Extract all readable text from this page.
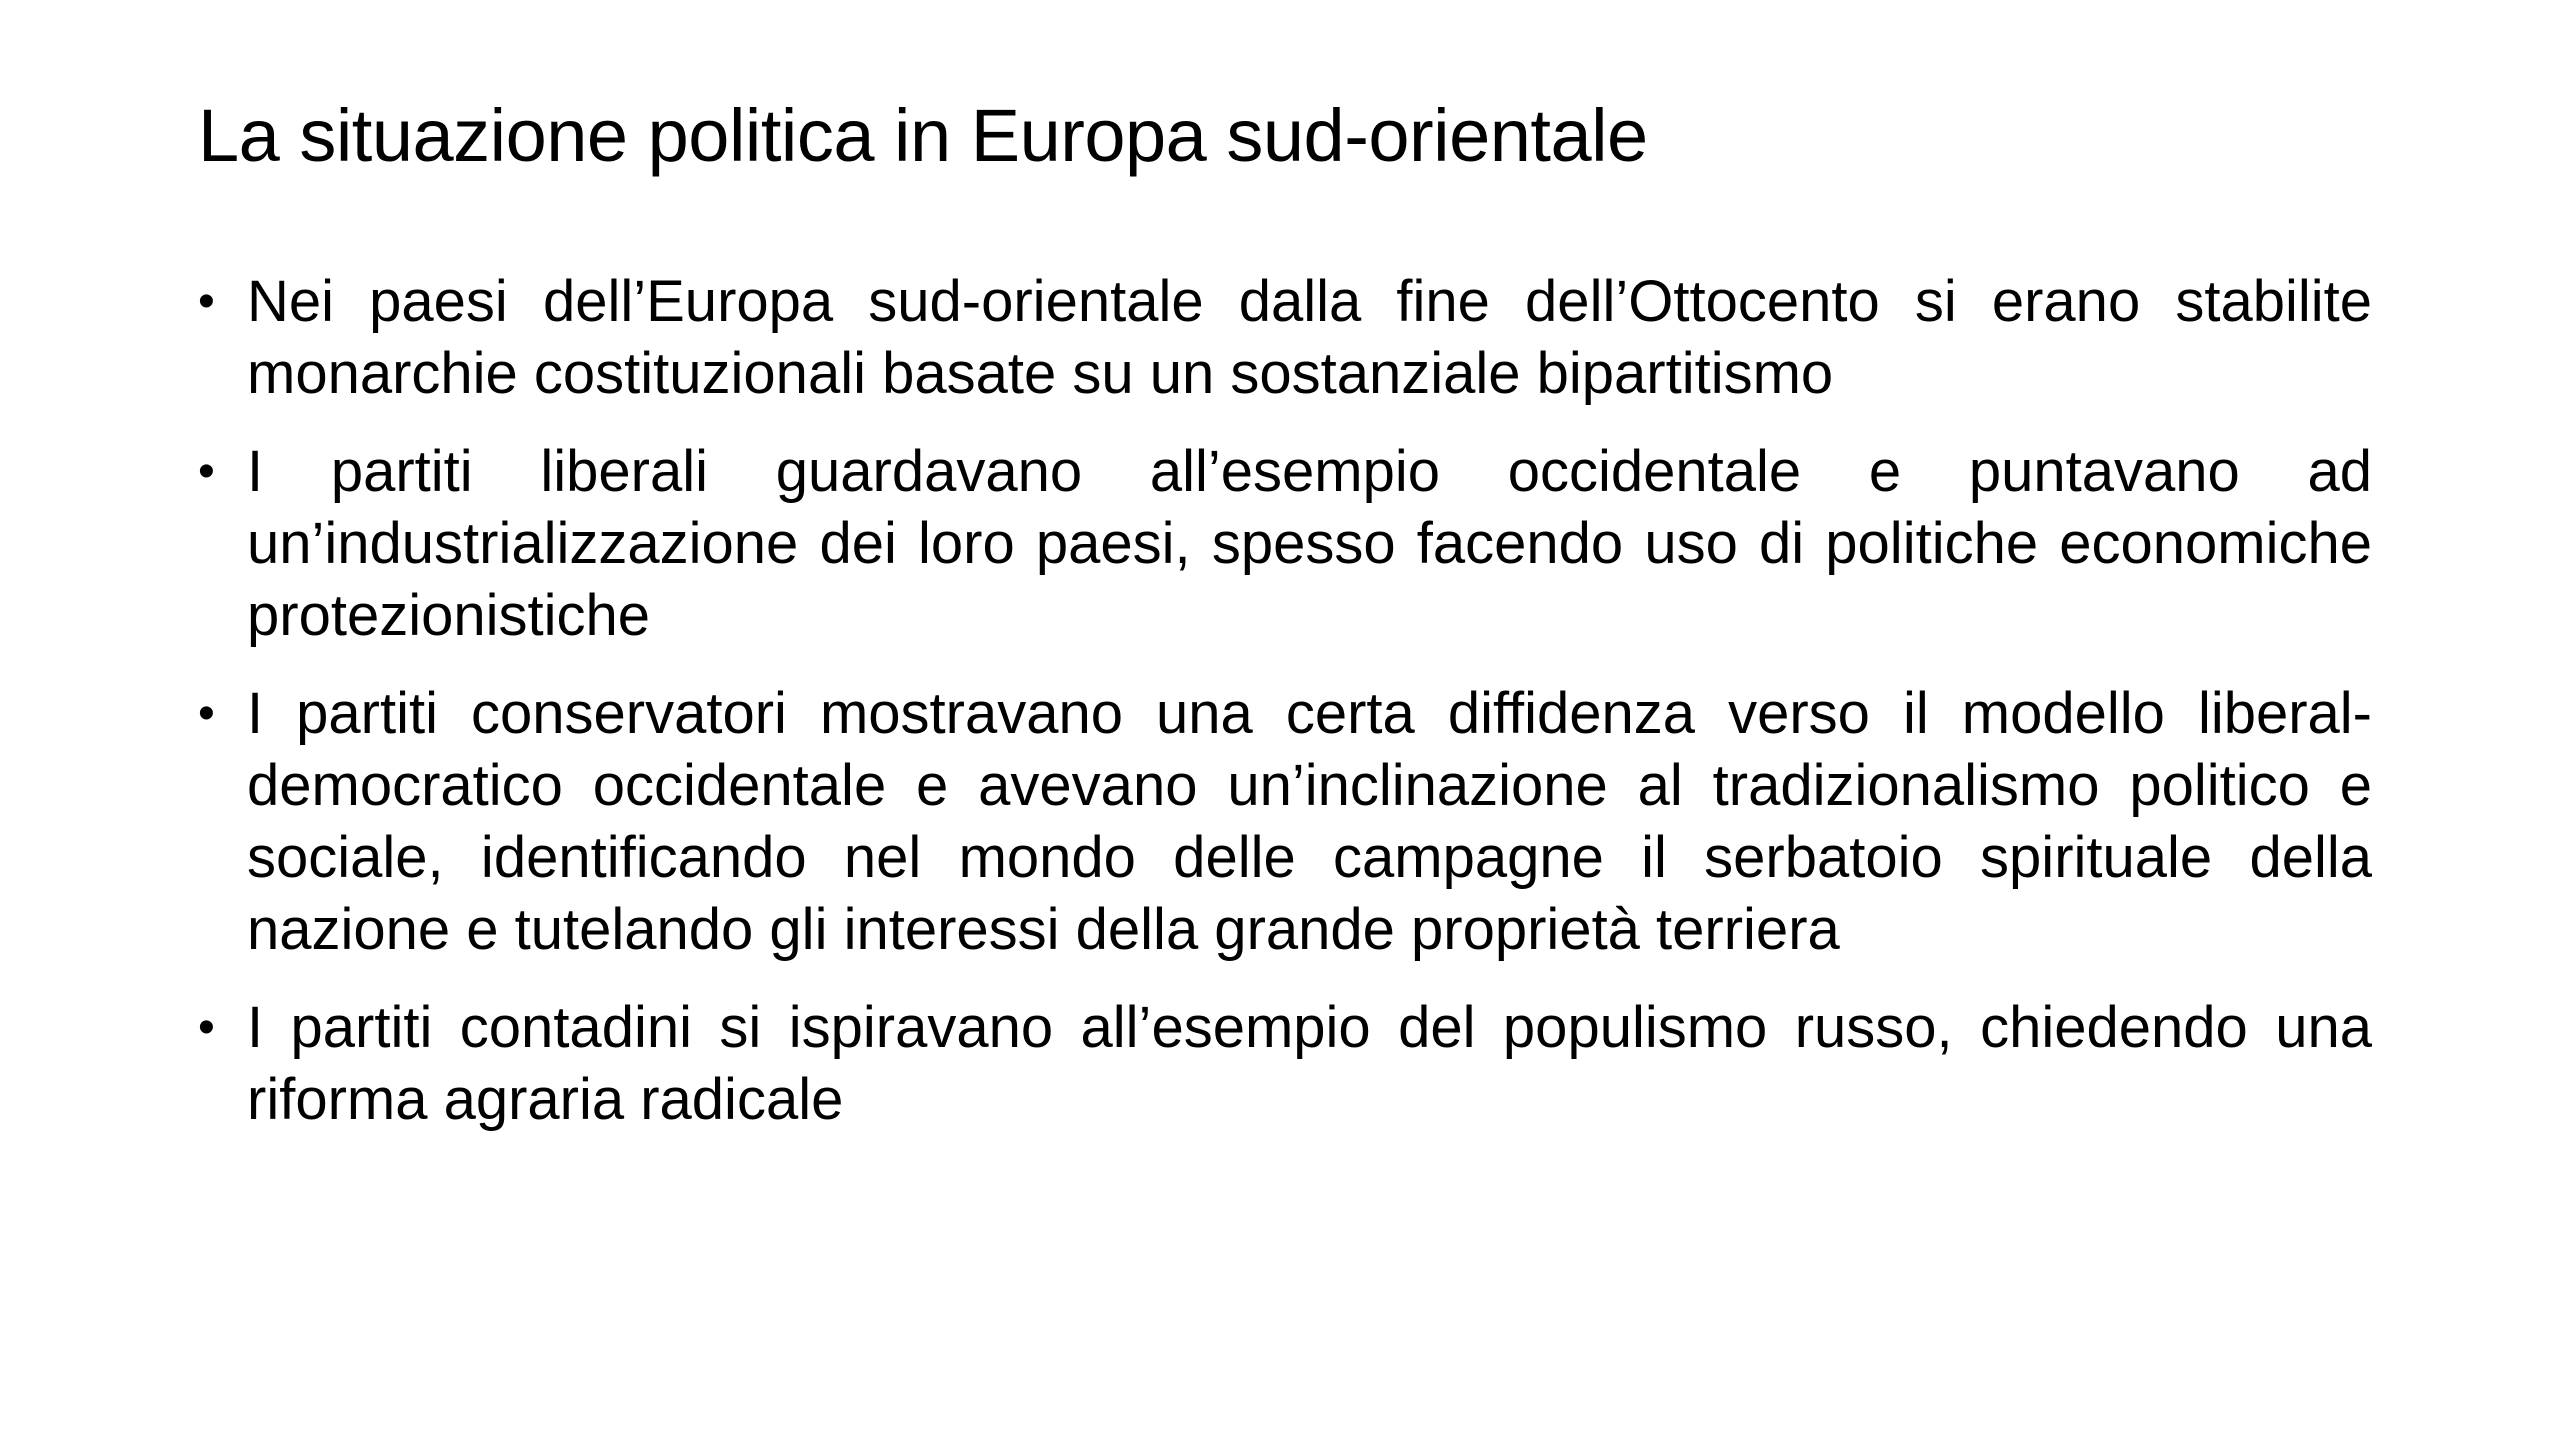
La situazione politica in Europa sud-orientale
• Nei paesi dell’Europa sud-orientale dalla fine dell’Ottocento si erano stabilite monarchie costituzionali basate su un sostanziale bipartitismo
• I partiti liberali guardavano all’esempio occidentale e puntavano ad un’industrializzazione dei loro paesi, spesso facendo uso di politiche economiche protezionistiche
• I partiti conservatori mostravano una certa diffidenza verso il modello liberal-democratico occidentale e avevano un’inclinazione al tradizionalismo politico e sociale, identificando nel mondo delle campagne il serbatoio spirituale della nazione e tutelando gli interessi della grande proprietà terriera
• I partiti contadini si ispiravano all’esempio del populismo russo, chiedendo una riforma agraria radicale
